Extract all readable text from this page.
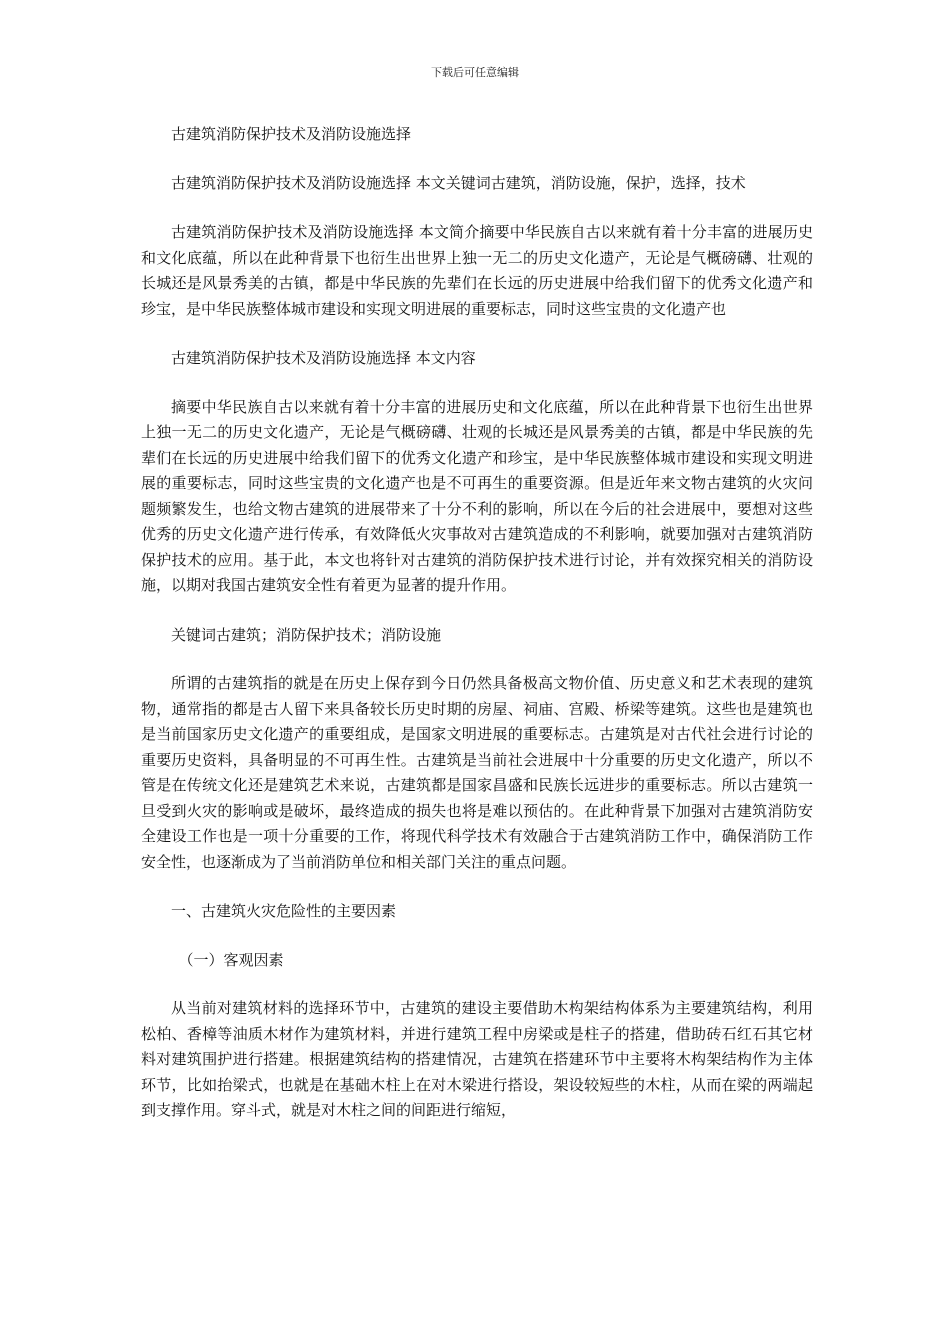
下载后可任意编辑

古建筑消防保护技术及消防设施选择

古建筑消防保护技术及消防设施选择 本文关键词古建筑，消防设施，保护，选择，技术

古建筑消防保护技术及消防设施选择 本文简介摘要中华民族自古以来就有着十分丰富的进展历史和文化底蕴，所以在此种背景下也衍生出世界上独一无二的历史文化遗产，无论是气概磅礴、壮观的长城还是风景秀美的古镇，都是中华民族的先辈们在长远的历史进展中给我们留下的优秀文化遗产和珍宝，是中华民族整体城市建设和实现文明进展的重要标志，同时这些宝贵的文化遗产也

古建筑消防保护技术及消防设施选择 本文内容

摘要中华民族自古以来就有着十分丰富的进展历史和文化底蕴，所以在此种背景下也衍生出世界上独一无二的历史文化遗产，无论是气概磅礴、壮观的长城还是风景秀美的古镇，都是中华民族的先辈们在长远的历史进展中给我们留下的优秀文化遗产和珍宝，是中华民族整体城市建设和实现文明进展的重要标志，同时这些宝贵的文化遗产也是不可再生的重要资源。但是近年来文物古建筑的火灾问题频繁发生，也给文物古建筑的进展带来了十分不利的影响，所以在今后的社会进展中，要想对这些优秀的历史文化遗产进行传承，有效降低火灾事故对古建筑造成的不利影响，就要加强对古建筑消防保护技术的应用。基于此，本文也将针对古建筑的消防保护技术进行讨论，并有效探究相关的消防设施，以期对我国古建筑安全性有着更为显著的提升作用。

关键词古建筑；消防保护技术；消防设施

所谓的古建筑指的就是在历史上保存到今日仍然具备极高文物价值、历史意义和艺术表现的建筑物，通常指的都是古人留下来具备较长历史时期的房屋、祠庙、宫殿、桥梁等建筑。这些也是建筑也是当前国家历史文化遗产的重要组成，是国家文明进展的重要标志。古建筑是对古代社会进行讨论的重要历史资料，具备明显的不可再生性。古建筑是当前社会进展中十分重要的历史文化遗产，所以不管是在传统文化还是建筑艺术来说，古建筑都是国家昌盛和民族长远进步的重要标志。所以古建筑一旦受到火灾的影响或是破坏，最终造成的损失也将是难以预估的。在此种背景下加强对古建筑消防安全建设工作也是一项十分重要的工作，将现代科学技术有效融合于古建筑消防工作中，确保消防工作安全性，也逐渐成为了当前消防单位和相关部门关注的重点问题。

一、古建筑火灾危险性的主要因素

（一）客观因素

从当前对建筑材料的选择环节中，古建筑的建设主要借助木构架结构体系为主要建筑结构，利用松柏、香樟等油质木材作为建筑材料，并进行建筑工程中房梁或是柱子的搭建，借助砖石红石其它材料对建筑围护进行搭建。根据建筑结构的搭建情况，古建筑在搭建环节中主要将木构架结构作为主体环节，比如抬梁式，也就是在基础木柱上在对木梁进行搭设，架设较短些的木柱，从而在梁的两端起到支撑作用。穿斗式，就是对木柱之间的间距进行缩短，
